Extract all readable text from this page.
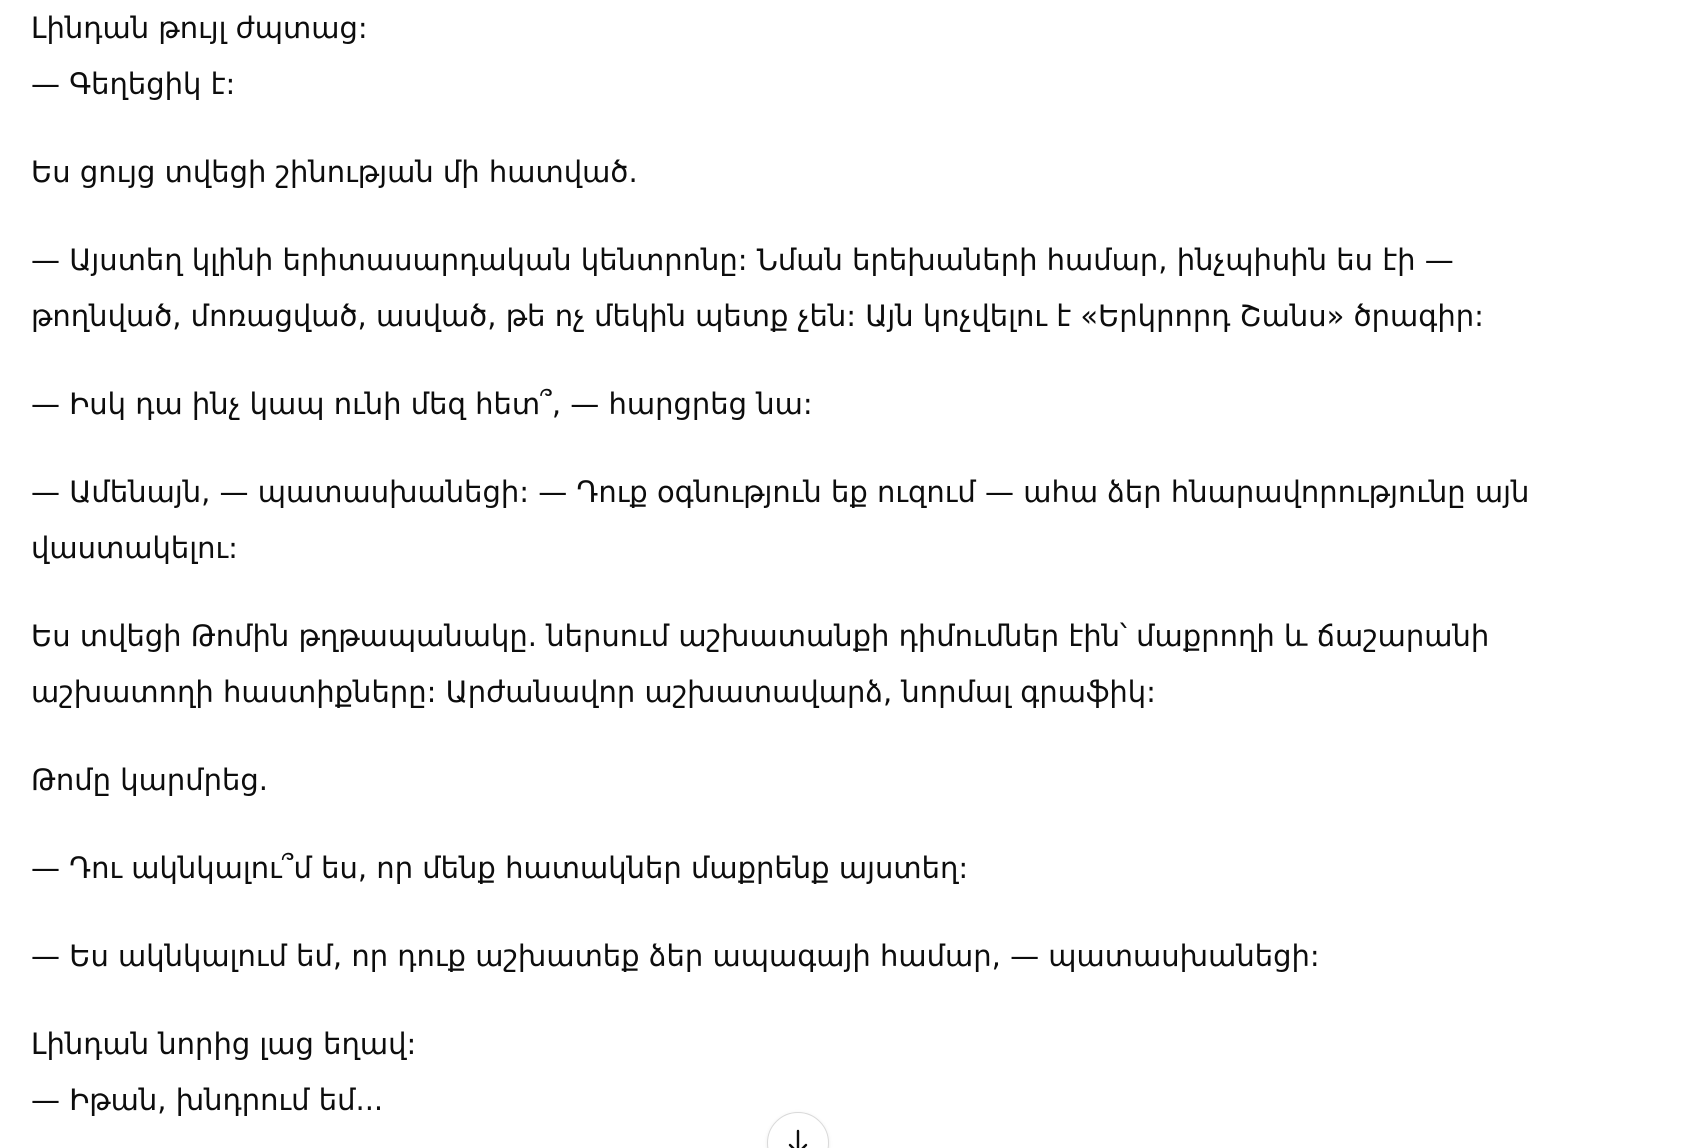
Լինդան թույլ ժպտաց:
— Գեղեցիկ է:
Ես ցույց տվեցի շինության մի հատված.
— Այստեղ կլինի երիտասարդական կենտրոնը: Նման երեխաների համար, ինչպիսին ես էի —
թողնված, մոռացված, ասված, թե ոչ մեկին պետք չեն: Այն կոչվելու է «Երկրորդ Շանս» ծրագիր:
— Իսկ դա ինչ կապ ունի մեզ հետ՞, — հարցրեց նա:
— Ամենայն, — պատասխանեցի: — Դուք օգնություն եք ուզում — ահա ձեր հնարավորությունը այն
վաստակելու:
Ես տվեցի Թոմին թղթապանակը. ներսում աշխատանքի դիմումներ էին՝ մաքրողի և ճաշարանի
աշխատողի հաստիքները: Արժանավոր աշխատավարձ, նորմալ գրաֆիկ:
Թոմը կարմրեց.
— Դու ակնկալու՞մ ես, որ մենք հատակներ մաքրենք այստեղ:
— Ես ակնկալում եմ, որ դուք աշխատեք ձեր ապագայի համար, — պատասխանեցի:
Լինդան նորից լաց եղավ:
— Իթան, խնդրում եմ...
